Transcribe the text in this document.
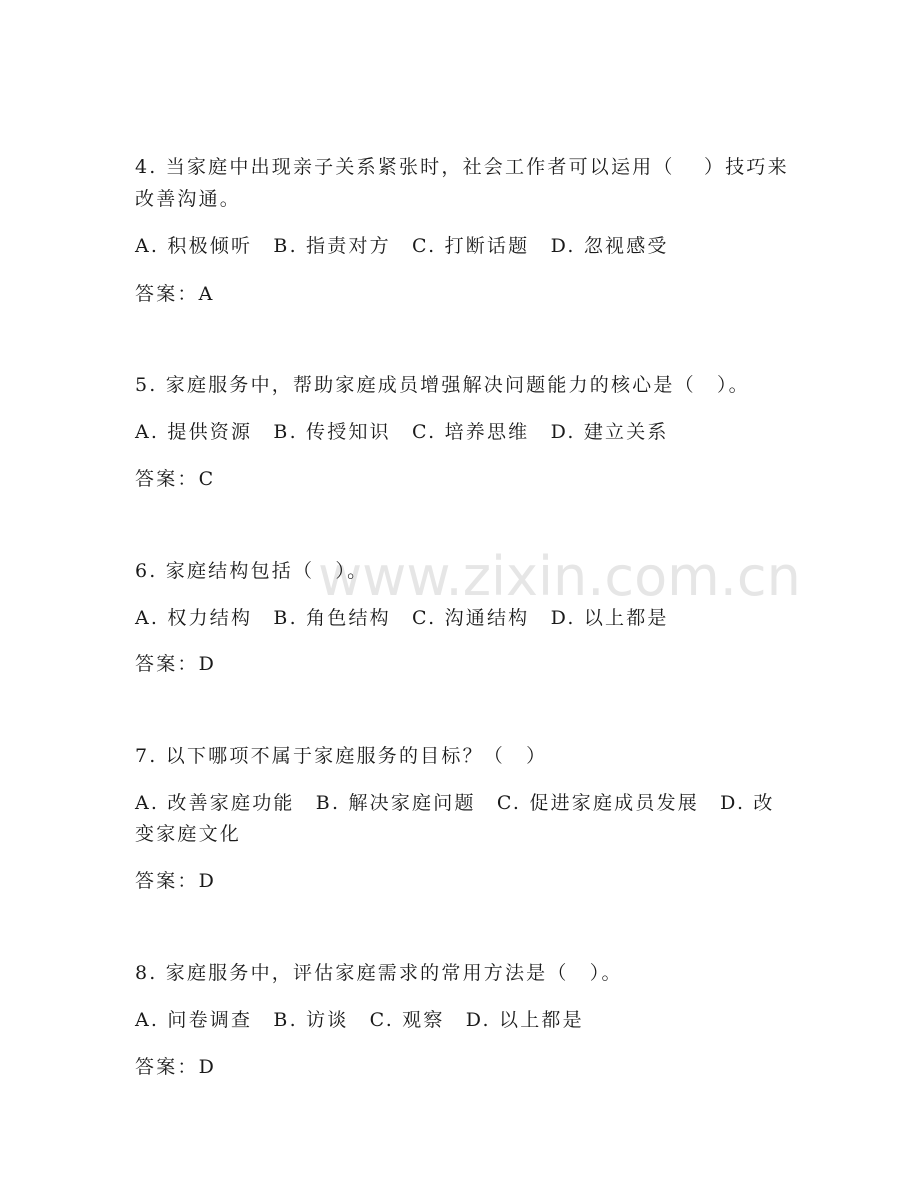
www.zixin.com.cn
4. 当家庭中出现亲子关系紧张时，社会工作者可以运用（　 ）技巧来
改善沟通。
A. 积极倾听　B. 指责对方　C. 打断话题　D. 忽视感受
答案：A
5. 家庭服务中，帮助家庭成员增强解决问题能力的核心是（　）。
A. 提供资源　B. 传授知识　C. 培养思维　D. 建立关系
答案：C
6. 家庭结构包括（　）。
A. 权力结构　B. 角色结构　C. 沟通结构　D. 以上都是
答案：D
7. 以下哪项不属于家庭服务的目标？（　）
A. 改善家庭功能　B. 解决家庭问题　C. 促进家庭成员发展　D. 改
变家庭文化
答案：D
8. 家庭服务中，评估家庭需求的常用方法是（　）。
A. 问卷调查　B. 访谈　C. 观察　D. 以上都是
答案：D
